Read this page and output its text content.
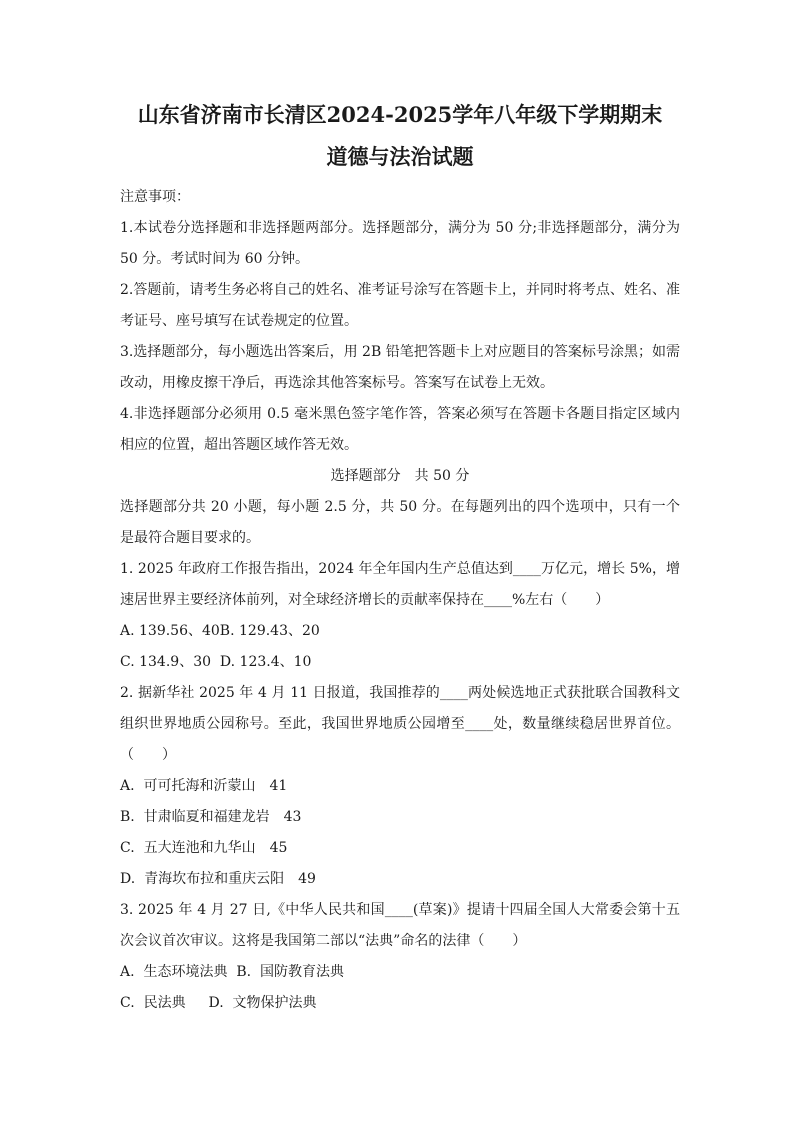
山东省济南市长清区2024-2025学年八年级下学期期末

道德与法治试题

注意事项：

1.本试卷分选择题和非选择题两部分。选择题部分，满分为 50 分;非选择题部分，满分为 50 分。考试时间为 60 分钟。

2.答题前，请考生务必将自己的姓名、准考证号涂写在答题卡上，并同时将考点、姓名、准考证号、座号填写在试卷规定的位置。

3.选择题部分，每小题选出答案后，用 2B 铅笔把答题卡上对应题目的答案标号涂黑；如需改动，用橡皮擦干净后，再选涂其他答案标号。答案写在试卷上无效。

4.非选择题部分必须用 0.5 毫米黑色签字笔作答，答案必须写在答题卡各题目指定区域内相应的位置，超出答题区域作答无效。

选择题部分　共 50 分

选择题部分共 20 小题，每小题 2.5 分，共 50 分。在每题列出的四个选项中，只有一个是最符合题目要求的。

1. 2025 年政府工作报告指出，2024 年全年国内生产总值达到____万亿元，增长 5%，增速居世界主要经济体前列，对全球经济增长的贡献率保持在____%左右（　　）

A. 139.56、40B. 129.43、20

C. 134.9、30  D. 123.4、10

2. 据新华社 2025 年 4 月 11 日报道，我国推荐的____两处候选地正式获批联合国教科文组织世界地质公园称号。至此，我国世界地质公园增至____处，数量继续稳居世界首位。（　　）

A.  可可托海和沂蒙山　41

B.  甘肃临夏和福建龙岩　43

C.  五大连池和九华山　45

D.  青海坎布拉和重庆云阳　49

3. 2025 年 4 月 27 日,《中华人民共和国____(草案)》提请十四届全国人大常委会第十五次会议首次审议。这将是我国第二部以“法典”命名的法律（　　）

A.  生态环境法典  B.  国防教育法典

C.  民法典　  D.  文物保护法典
